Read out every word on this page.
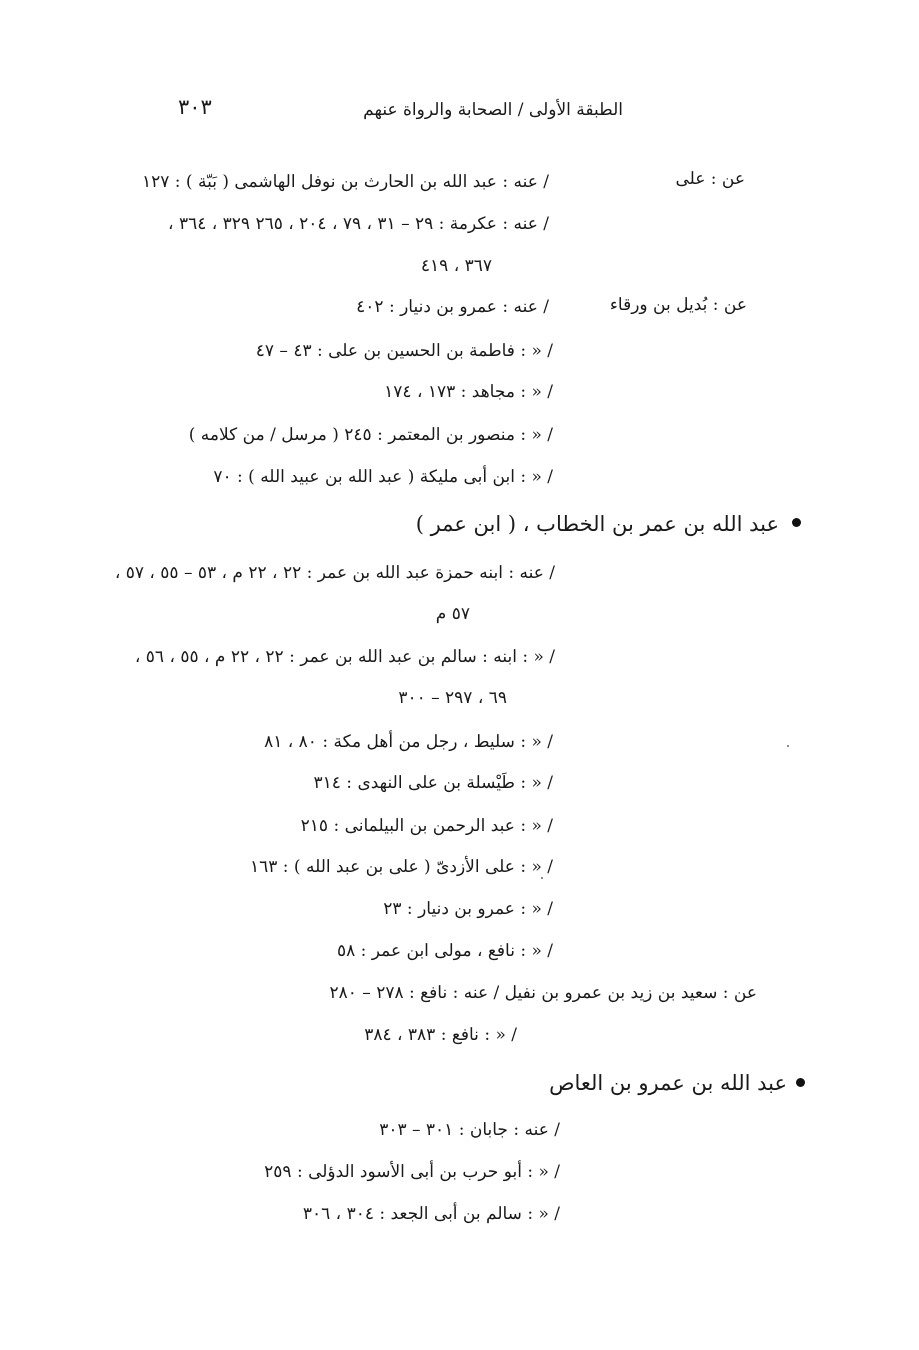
الطبقة الأولى / الصحابة والرواة عنهم
٣٠٣
عن : على
/ عنه : عبد الله بن الحارث بن نوفل الهاشمى ( بَبّة ) : ١٢٧
/ عنه : عكرمة : ٢٩ – ٣١ ، ٧٩ ، ٢٠٤ ، ٢٦٥ ٣٢٩ ، ٣٦٤ ،
٣٦٧ ، ٤١٩
عن : بُديل بن ورقاء
/ عنه : عمرو بن دنيار : ٤٠٢
/ « : فاطمة بن الحسين بن على : ٤٣ – ٤٧
/ « : مجاهد : ١٧٣ ، ١٧٤
/ « : منصور بن المعتمر : ٢٤٥ ( مرسل / من كلامه )
/ « : ابن أبى مليكة ( عبد الله بن عبيد الله ) : ٧٠
عبد الله بن عمر بن الخطاب ، ( ابن عمر )
/ عنه : ابنه حمزة عبد الله بن عمر : ٢٢ ، ٢٢ م ، ٥٣ – ٥٥ ، ٥٧ ،
٥٧ م
/ « : ابنه : سالم بن عبد الله بن عمر : ٢٢ ، ٢٢ م ، ٥٥ ، ٥٦ ،
٦٩ ، ٢٩٧ – ٣٠٠
/ « : سليط ، رجل من أهل مكة : ٨٠ ، ٨١
/ « : طَيْسلة بن على النهدى : ٣١٤
/ « : عبد الرحمن بن البيلمانى : ٢١٥
/ « : على الأزدىّ ( على بن عبد الله ) : ١٦٣
/ « : عمرو بن دنيار : ٢٣
/ « : نافع ، مولى ابن عمر : ٥٨
عن : سعيد بن زيد بن عمرو بن نفيل / عنه : نافع : ٢٧٨ – ٢٨٠
/ « : نافع : ٣٨٣ ، ٣٨٤
عبد الله بن عمرو بن العاص
/ عنه : جابان : ٣٠١ – ٣٠٣
/ « : أبو حرب بن أبى الأسود الدؤلى : ٢٥٩
/ « : سالم بن أبى الجعد : ٣٠٤ ، ٣٠٦
